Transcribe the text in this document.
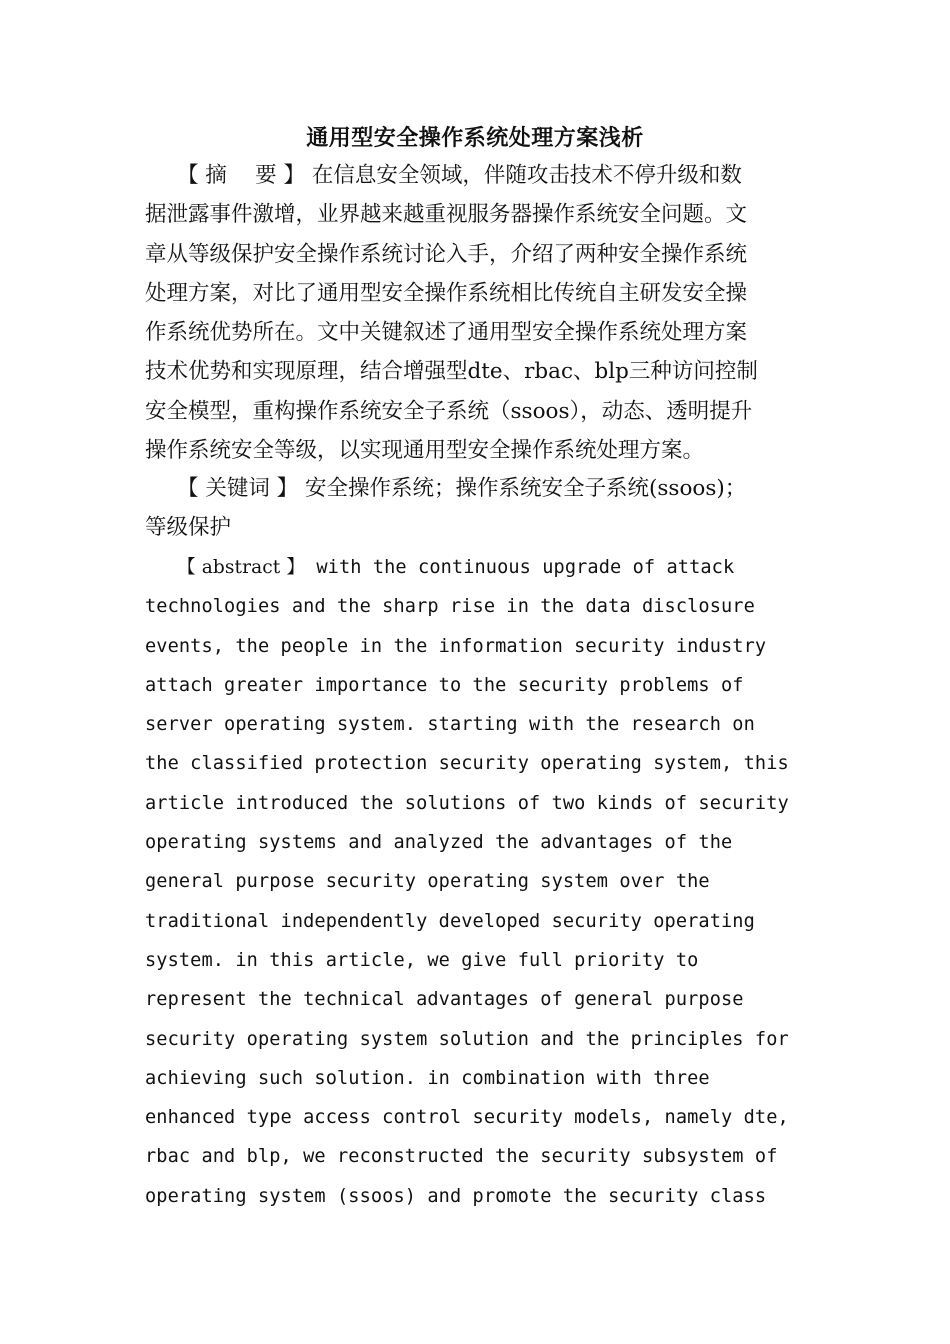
通用型安全操作系统处理方案浅析
【 摘　 要 】 在信息安全领域，伴随攻击技术不停升级和数
据泄露事件激增，业界越来越重视服务器操作系统安全问题。文
章从等级保护安全操作系统讨论入手，介绍了两种安全操作系统
处理方案，对比了通用型安全操作系统相比传统自主研发安全操
作系统优势所在。文中关键叙述了通用型安全操作系统处理方案
技术优势和实现原理，结合增强型dte、rbac、blp三种访问控制
安全模型，重构操作系统安全子系统（ssoos），动态、透明提升
操作系统安全等级，以实现通用型安全操作系统处理方案。
【 关键词 】 安全操作系统；操作系统安全子系统(ssoos)；
等级保护
【 abstract 】 with the continuous upgrade of attack
technologies and the sharp rise in the data disclosure
events, the people in the information security industry
attach greater importance to the security problems of
server operating system. starting with the research on
the classified protection security operating system, this
article introduced the solutions of two kinds of security
operating systems and analyzed the advantages of the
general purpose security operating system over the
traditional independently developed security operating
system. in this article, we give full priority to
represent the technical advantages of general purpose
security operating system solution and the principles for
achieving such solution. in combination with three
enhanced type access control security models, namely dte,
rbac and blp, we reconstructed the security subsystem of
operating system (ssoos) and promote the security class
